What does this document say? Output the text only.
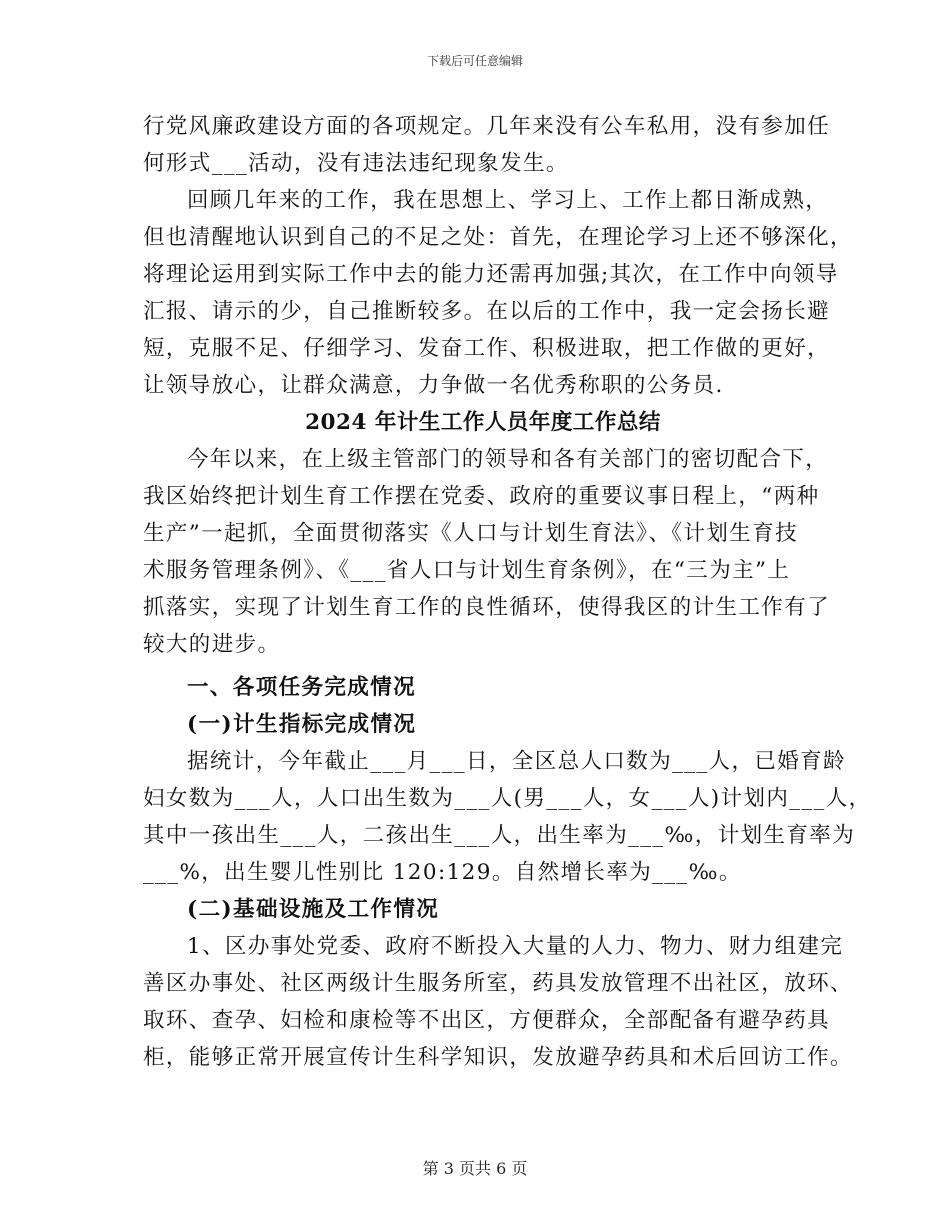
下载后可任意编辑
行党风廉政建设方面的各项规定。几年来没有公车私用，没有参加任
何形式___活动，没有违法违纪现象发生。
回顾几年来的工作，我在思想上、学习上、工作上都日渐成熟，
但也清醒地认识到自己的不足之处：首先，在理论学习上还不够深化，
将理论运用到实际工作中去的能力还需再加强;其次，在工作中向领导
汇报、请示的少，自己推断较多。在以后的工作中，我一定会扬长避
短，克服不足、仔细学习、发奋工作、积极进取，把工作做的更好，
让领导放心，让群众满意，力争做一名优秀称职的公务员.
2024 年计生工作人员年度工作总结
今年以来，在上级主管部门的领导和各有关部门的密切配合下，
我区始终把计划生育工作摆在党委、政府的重要议事日程上，“两种
生产”一起抓，全面贯彻落实《人口与计划生育法》、《计划生育技
术服务管理条例》、《___省人口与计划生育条例》，在“三为主”上
抓落实，实现了计划生育工作的良性循环，使得我区的计生工作有了
较大的进步。
一、各项任务完成情况
(一)计生指标完成情况
据统计，今年截止___月___日，全区总人口数为___人，已婚育龄
妇女数为___人，人口出生数为___人(男___人，女___人)计划内___人，
其中一孩出生___人，二孩出生___人，出生率为___‰，计划生育率为
___%，出生婴儿性别比 120:129。自然增长率为___‰。
(二)基础设施及工作情况
1、区办事处党委、政府不断投入大量的人力、物力、财力组建完
善区办事处、社区两级计生服务所室，药具发放管理不出社区，放环、
取环、查孕、妇检和康检等不出区，方便群众，全部配备有避孕药具
柜，能够正常开展宣传计生科学知识，发放避孕药具和术后回访工作。
第 3 页共 6 页
